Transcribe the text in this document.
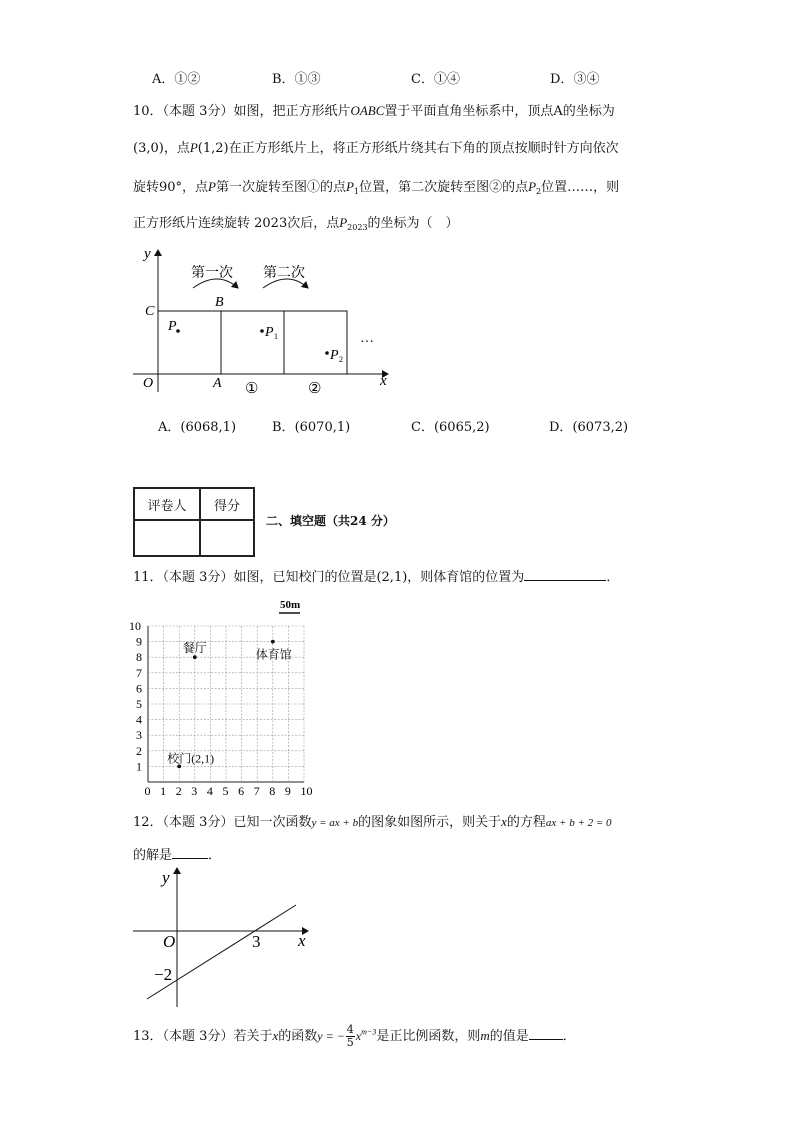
A．①②	B．①③	C．①④	D．③④
10．（本题 3分）如图，把正方形纸片OABC置于平面直角坐标系中，顶点A的坐标为
(3,0)，点P(1,2)在正方形纸片上，将正方形纸片绕其右下角的顶点按顺时针方向依次
旋转90°，点P第一次旋转至图①的点$P_1$位置，第二次旋转至图②的点$P_2$位置……，则
正方形纸片连续旋转 2023次后，点$P_{2023}$的坐标为（　）
第一次 第二次
y
x
O	A
B
C
P	P 1
P 2
①	②
…
A．(6068,1)	B．(6070,1)	C．(6065,2)	D．(6073,2)
评卷人	得分

二、填空题（共24 分）
11．（本题 3分）如图，已知校门的位置是(2,1)，则体育馆的位置为	．
0 1 2 3 4 5 6 7 8 9 10
10
9
8
7
6
5
4
3
2
1
餐厅	体育馆
校门(2,1)
50m
12．（本题 3分）已知一次函数y = ax + b的图象如图所示，则关于x的方程ax + b + 2 = 0
的解是	．
y
x
O	3
−2
13．（本题 3分）若关于x的函数y = − $\frac{4}{5} x^{m-3}$是正比例函数，则m的值是	．
